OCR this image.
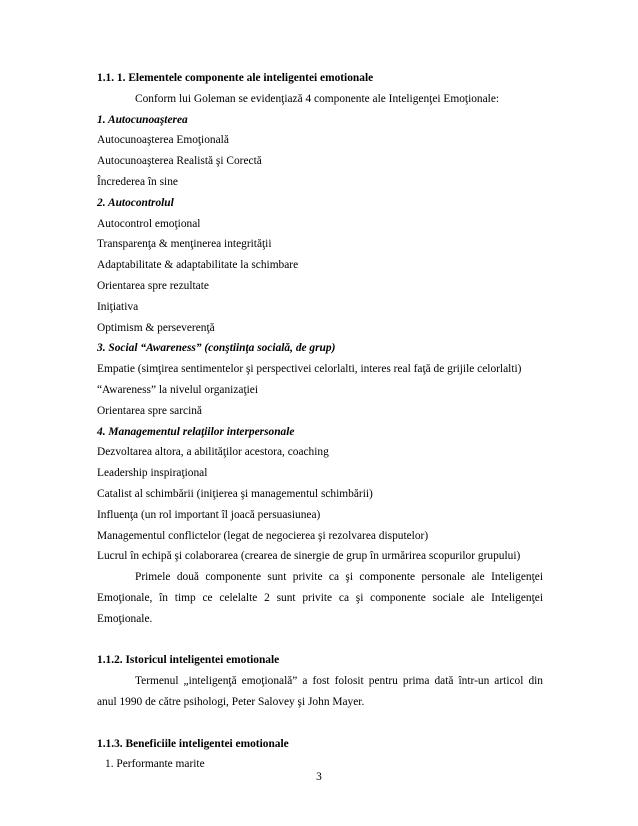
1.1. 1. Elementele componente ale inteligentei emotionale
Conform lui Goleman se evidenţiază 4 componente ale Inteligenţei Emoţionale:
1. Autocunoaşterea
Autocunoaşterea Emoţională
Autocunoaşterea Realistă şi Corectă
Încrederea în sine
2. Autocontrolul
Autocontrol emoţional
Transparenţa & menţinerea integrităţii
Adaptabilitate & adaptabilitate la schimbare
Orientarea spre rezultate
Iniţiativa
Optimism & perseverenţă
3. Social “Awareness” (conştiinţa socială, de grup)
Empatie (simţirea sentimentelor şi perspectivei celorlalti, interes real faţă de grijile celorlalti)
“Awareness” la nivelul organizaţiei
Orientarea spre sarcină
4. Managementul relaţiilor interpersonale
Dezvoltarea altora, a abilităţilor acestora, coaching
Leadership inspiraţional
Catalist al schimbării (iniţierea şi managementul schimbării)
Influenţa (un rol important îl joacă persuasiunea)
Managementul conflictelor (legat de negocierea şi rezolvarea disputelor)
Lucrul în echipă şi colaborarea (crearea de sinergie de grup în urmărirea scopurilor grupului)
Primele două componente sunt privite ca şi componente personale ale Inteligenţei
Emoţionale, în timp ce celelalte 2 sunt privite ca şi componente sociale ale Inteligenţei
Emoţionale.
1.1.2. Istoricul inteligentei emotionale
Termenul „inteligenţă emoţională” a fost folosit pentru prima dată într-un articol din
anul 1990 de către psihologi, Peter Salovey şi John Mayer.
1.1.3. Beneficiile inteligentei emotionale
1. Performante marite
3
